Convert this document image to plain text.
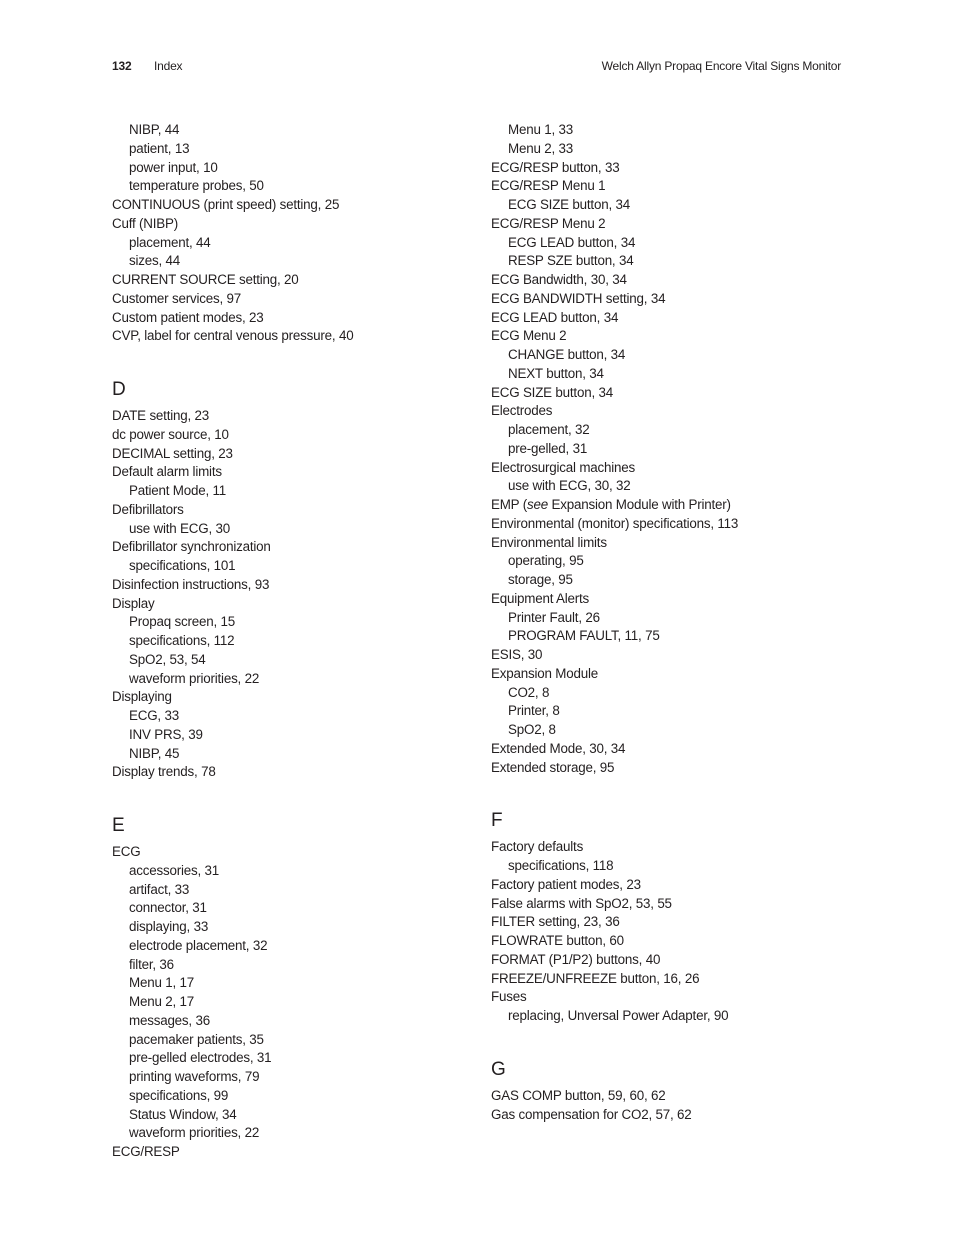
132 Index	Welch Allyn Propaq Encore Vital Signs Monitor
NIBP, 44
patient, 13
power input, 10
temperature probes, 50
CONTINUOUS (print speed) setting, 25
Cuff (NIBP)
placement, 44
sizes, 44
CURRENT SOURCE setting, 20
Customer services, 97
Custom patient modes, 23
CVP, label for central venous pressure, 40
D
DATE setting, 23
dc power source, 10
DECIMAL setting, 23
Default alarm limits
Patient Mode, 11
Defibrillators
use with ECG, 30
Defibrillator synchronization
specifications, 101
Disinfection instructions, 93
Display
Propaq screen, 15
specifications, 112
SpO2, 53, 54
waveform priorities, 22
Displaying
ECG, 33
INV PRS, 39
NIBP, 45
Display trends, 78
E
ECG
accessories, 31
artifact, 33
connector, 31
displaying, 33
electrode placement, 32
filter, 36
Menu 1, 17
Menu 2, 17
messages, 36
pacemaker patients, 35
pre-gelled electrodes, 31
printing waveforms, 79
specifications, 99
Status Window, 34
waveform priorities, 22
ECG/RESP
Menu 1, 33
Menu 2, 33
ECG/RESP button, 33
ECG/RESP Menu 1
ECG SIZE button, 34
ECG/RESP Menu 2
ECG LEAD button, 34
RESP SZE button, 34
ECG Bandwidth, 30, 34
ECG BANDWIDTH setting, 34
ECG LEAD button, 34
ECG Menu 2
CHANGE button, 34
NEXT button, 34
ECG SIZE button, 34
Electrodes
placement, 32
pre-gelled, 31
Electrosurgical machines
use with ECG, 30, 32
EMP (see Expansion Module with Printer)
Environmental (monitor) specifications, 113
Environmental limits
operating, 95
storage, 95
Equipment Alerts
Printer Fault, 26
PROGRAM FAULT, 11, 75
ESIS, 30
Expansion Module
CO2, 8
Printer, 8
SpO2, 8
Extended Mode, 30, 34
Extended storage, 95
F
Factory defaults
specifications, 118
Factory patient modes, 23
False alarms with SpO2, 53, 55
FILTER setting, 23, 36
FLOWRATE button, 60
FORMAT (P1/P2) buttons, 40
FREEZE/UNFREEZE button, 16, 26
Fuses
replacing, Unversal Power Adapter, 90
G
GAS COMP button, 59, 60, 62
Gas compensation for CO2, 57, 62
